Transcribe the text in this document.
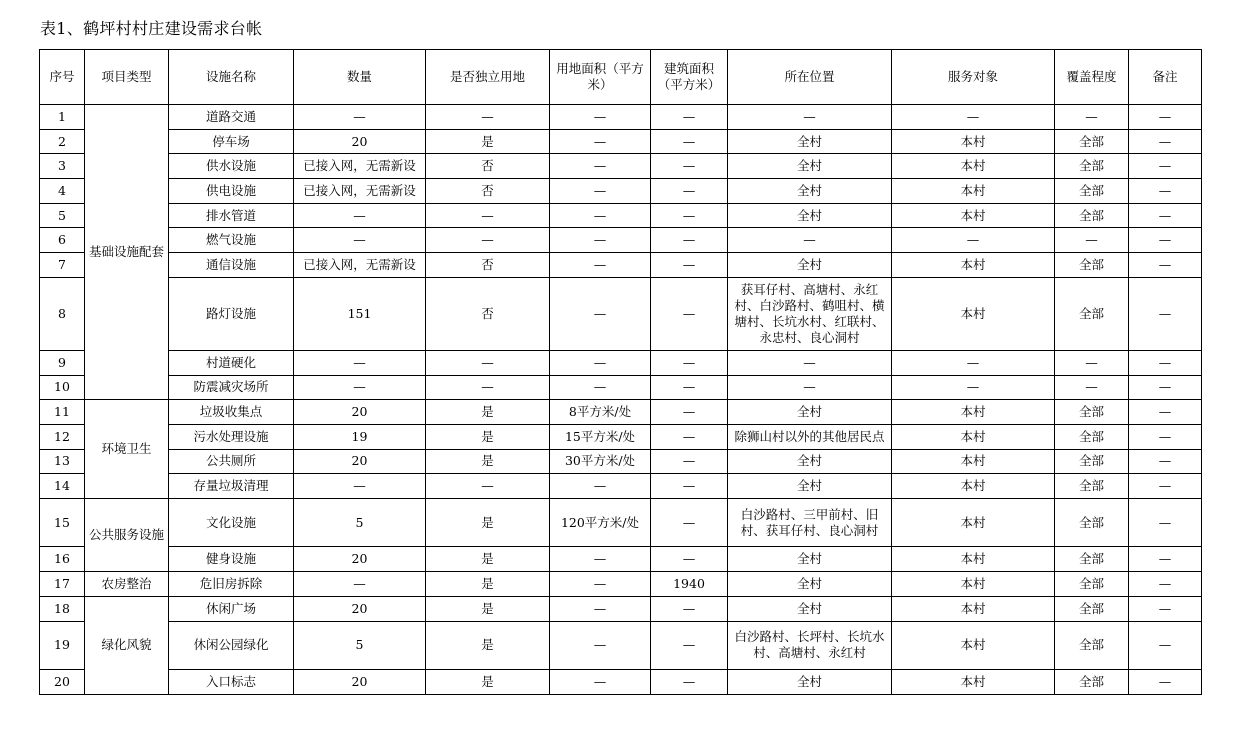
表1、鹤坪村村庄建设需求台帐
序号	项目类型	设施名称	数量	是否独立用地	用地面积（平方米）	建筑面积（平方米）	所在位置	服务对象	覆盖程度	备注
1	基础设施配套	道路交通	—	—	—	—	—	—	—	—
2		停车场	20	是	—	—	全村	本村	全部	—
3		供水设施	已接入网，无需新设	否	—	—	全村	本村	全部	—
4		供电设施	已接入网，无需新设	否	—	—	全村	本村	全部	—
5		排水管道	—	—	—	—	全村	本村	全部	—
6		燃气设施	—	—	—	—	—	—	—	—
7		通信设施	已接入网，无需新设	否	—	—	全村	本村	全部	—
8		路灯设施	151	否	—	—	获耳仔村、高塘村、永红村、白沙路村、鹤咀村、横塘村、长坑水村、红联村、永忠村、良心洞村	本村	全部	—
9		村道硬化	—	—	—	—	—	—	—	—
10		防震减灾场所	—	—	—	—	—	—	—	—
11	环境卫生	垃圾收集点	20	是	8平方米/处	—	全村	本村	全部	—
12		污水处理设施	19	是	15平方米/处	—	除狮山村以外的其他居民点	本村	全部	—
13		公共厕所	20	是	30平方米/处	—	全村	本村	全部	—
14		存量垃圾清理	—	—	—	—	全村	本村	全部	—
15	公共服务设施	文化设施	5	是	120平方米/处	—	白沙路村、三甲前村、旧村、获耳仔村、良心洞村	本村	全部	—
16		健身设施	20	是	—	—	全村	本村	全部	—
17	农房整治	危旧房拆除	—	是	—	1940	全村	本村	全部	—
18	绿化风貌	休闲广场	20	是	—	—	全村	本村	全部	—
19		休闲公园绿化	5	是	—	—	白沙路村、长坪村、长坑水村、高塘村、永红村	本村	全部	—
20		入口标志	20	是	—	—	全村	本村	全部	—
